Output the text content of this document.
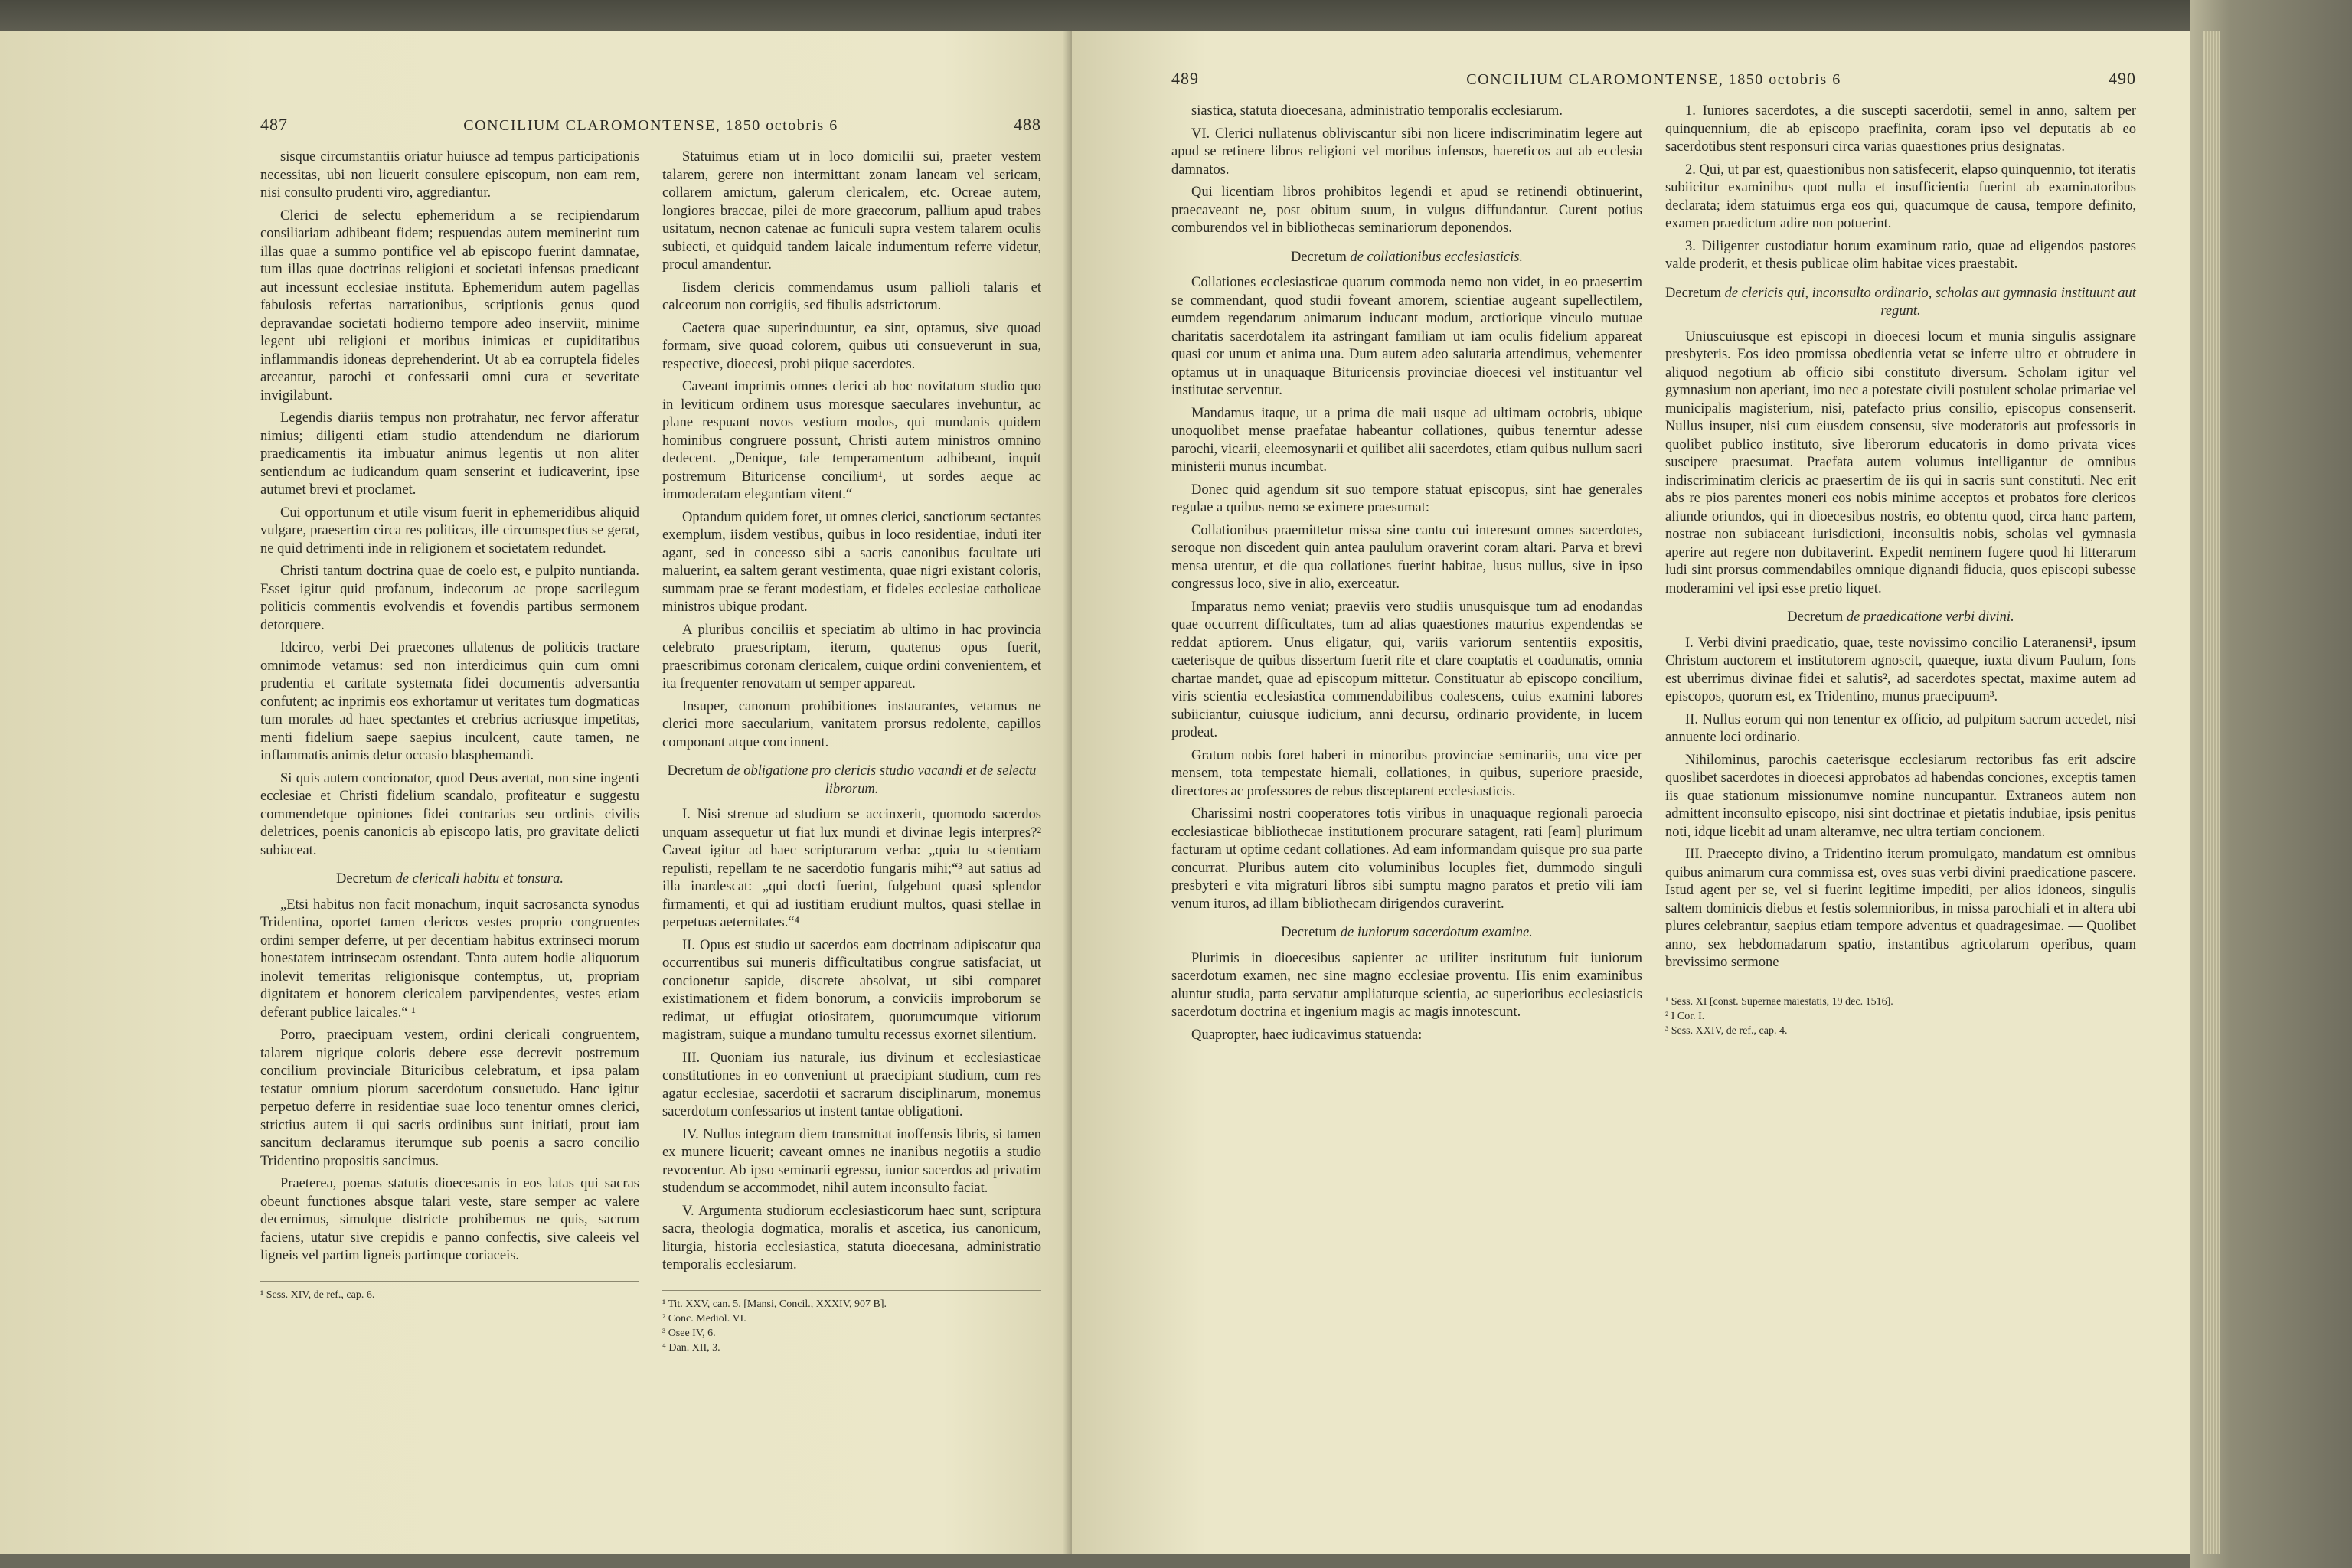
487	CONCILIUM CLAROMONTENSE, 1850 octobris 6	488

sisque circumstantiis oriatur huiusce ad tempus participationis necessitas, ubi non licuerit consulere episcopum, non eam rem, nisi consulto prudenti viro, aggrediantur.

Clerici de selectu ephemeridum a se recipiendarum consiliariam adhibeant fidem; respuendas autem meminerint tum illas quae a summo pontifice vel ab episcopo fuerint damnatae, tum illas quae doctrinas religioni et societati infensas praedicant aut incessunt ecclesiae instituta. Ephemeridum autem pagellas fabulosis refertas narrationibus, scriptionis genus quod depravandae societati hodierno tempore adeo inserviit, minime legent ubi religioni et moribus inimicas et cupiditatibus inflammandis idoneas deprehenderint. Ut ab ea corruptela fideles arceantur, parochi et confessarii omni cura et severitate invigilabunt.

Legendis diariis tempus non protrahatur, nec fervor afferatur nimius; diligenti etiam studio attendendum ne diariorum praedicamentis ita imbuatur animus legentis ut non aliter sentiendum ac iudicandum quam senserint et iudicaverint, ipse autumet brevi et proclamet.

Cui opportunum et utile visum fuerit in ephemeridibus aliquid vulgare, praesertim circa res politicas, ille circumspectius se gerat, ne quid detrimenti inde in religionem et societatem redundet.

Christi tantum doctrina quae de coelo est, e pulpito nuntianda. Esset igitur quid profanum, indecorum ac prope sacrilegum politicis commentis evolvendis et fovendis partibus sermonem detorquere.

Idcirco, verbi Dei praecones ullatenus de politicis tractare omnimode vetamus: sed non interdicimus quin cum omni prudentia et caritate systemata fidei documentis adversantia confutent; ac inprimis eos exhortamur ut veritates tum dogmaticas tum morales ad haec spectantes et crebrius acriusque impetitas, menti fidelium saepe saepius inculcent, caute tamen, ne inflammatis animis detur occasio blasphemandi.

Si quis autem concionator, quod Deus avertat, non sine ingenti ecclesiae et Christi fidelium scandalo, profiteatur e suggestu commendetque opiniones fidei contrarias seu ordinis civilis deletrices, poenis canonicis ab episcopo latis, pro gravitate delicti subiaceat.

Decretum de clericali habitu et tonsura.

„Etsi habitus non facit monachum, inquit sacrosancta synodus Tridentina, oportet tamen clericos vestes proprio congruentes ordini semper deferre, ut per decentiam habitus extrinseci morum honestatem intrinsecam ostendant. Tanta autem hodie aliquorum inolevit temeritas religionisque contemptus, ut, propriam dignitatem et honorem clericalem parvipendentes, vestes etiam deferant publice laicales.“ ¹

Porro, praecipuam vestem, ordini clericali congruentem, talarem nigrique coloris debere esse decrevit postremum concilium provinciale Bituricibus celebratum, et ipsa palam testatur omnium piorum sacerdotum consuetudo. Hanc igitur perpetuo deferre in residentiae suae loco tenentur omnes clerici, strictius autem ii qui sacris ordinibus sunt initiati, prout iam sancitum declaramus iterumque sub poenis a sacro concilio Tridentino propositis sancimus.

Praeterea, poenas statutis dioecesanis in eos latas qui sacras obeunt functiones absque talari veste, stare semper ac valere decernimus, simulque districte prohibemus ne quis, sacrum faciens, utatur sive crepidis e panno confectis, sive caleeis vel ligneis vel partim ligneis partimque coriaceis.

¹ Sess. XIV, de ref., cap. 6.

Statuimus etiam ut in loco domicilii sui, praeter vestem talarem, gerere non intermittant zonam laneam vel sericam, collarem amictum, galerum clericalem, etc. Ocreae autem, longiores braccae, pilei de more graecorum, pallium apud trabes usitatum, necnon catenae ac funiculi supra vestem talarem oculis subiecti, et quidquid tandem laicale indumentum referre videtur, procul amandentur.

Iisdem clericis commendamus usum pallioli talaris et calceorum non corrigiis, sed fibulis adstrictorum.

Caetera quae superinduuntur, ea sint, optamus, sive quoad formam, sive quoad colorem, quibus uti consueverunt in sua, respective, dioecesi, probi piique sacerdotes.

Caveant imprimis omnes clerici ab hoc novitatum studio quo in leviticum ordinem usus moresque saeculares invehuntur, ac plane respuant novos vestium modos, qui mundanis quidem hominibus congruere possunt, Christi autem ministros omnino dedecent. „Denique, tale temperamentum adhibeant, inquit postremum Bituricense concilium¹, ut sordes aeque ac immoderatam elegantiam vitent.“

Optandum quidem foret, ut omnes clerici, sanctiorum sectantes exemplum, iisdem vestibus, quibus in loco residentiae, induti iter agant, sed in concesso sibi a sacris canonibus facultate uti maluerint, ea saltem gerant vestimenta, quae nigri existant coloris, summam prae se ferant modestiam, et fideles ecclesiae catholicae ministros ubique prodant.

A pluribus conciliis et speciatim ab ultimo in hac provincia celebrato praescriptam, iterum, quatenus opus fuerit, praescribimus coronam clericalem, cuique ordini convenientem, et ita frequenter renovatam ut semper appareat.

Insuper, canonum prohibitiones instaurantes, vetamus ne clerici more saecularium, vanitatem prorsus redolente, capillos componant atque concinnent.

Decretum de obligatione pro clericis studio vacandi et de selectu librorum.

I. Nisi strenue ad studium se accinxerit, quomodo sacerdos unquam assequetur ut fiat lux mundi et divinae legis interpres?² Caveat igitur ad haec scripturarum verba: „quia tu scientiam repulisti, repellam te ne sacerdotio fungaris mihi;“³ aut satius ad illa inardescat: „qui docti fuerint, fulgebunt quasi splendor firmamenti, et qui ad iustitiam erudiunt multos, quasi stellae in perpetuas aeternitates.“⁴

II. Opus est studio ut sacerdos eam doctrinam adipiscatur qua occurrentibus sui muneris difficultatibus congrue satisfaciat, ut concionetur sapide, discrete absolvat, ut sibi comparet existimationem et fidem bonorum, a conviciis improborum se redimat, ut effugiat otiositatem, quorumcumque vitiorum magistram, suique a mundano tumultu recessus exornet silentium.

III. Quoniam ius naturale, ius divinum et ecclesiasticae constitutiones in eo conveniunt ut praecipiant studium, cum res agatur ecclesiae, sacerdotii et sacrarum disciplinarum, monemus sacerdotum confessarios ut instent tantae obligationi.

IV. Nullus integram diem transmittat inoffensis libris, si tamen ex munere licuerit; caveant omnes ne inanibus negotiis a studio revocentur. Ab ipso seminarii egressu, iunior sacerdos ad privatim studendum se accommodet, nihil autem inconsulto faciat.

V. Argumenta studiorum ecclesiasticorum haec sunt, scriptura sacra, theologia dogmatica, moralis et ascetica, ius canonicum, liturgia, historia ecclesiastica, statuta dioecesana, administratio temporalis ecclesiarum.

¹ Tit. XXV, can. 5. [Mansi, Concil., XXXIV, 907 B].
² Conc. Mediol. VI.
³ Osee IV, 6.
⁴ Dan. XII, 3.
489	CONCILIUM CLAROMONTENSE, 1850 octobris 6	490

siastica, statuta dioecesana, administratio temporalis ecclesiarum.

VI. Clerici nullatenus obliviscantur sibi non licere indiscriminatim legere aut apud se retinere libros religioni vel moribus infensos, haereticos aut ab ecclesia damnatos.

Qui licentiam libros prohibitos legendi et apud se retinendi obtinuerint, praecaveant ne, post obitum suum, in vulgus diffundantur. Curent potius comburendos vel in bibliothecas seminariorum deponendos.

Decretum de collationibus ecclesiasticis.

Collationes ecclesiasticae quarum commoda nemo non videt, in eo praesertim se commendant, quod studii foveant amorem, scientiae augeant supellectilem, eumdem regendarum animarum inducant modum, arctiorique vinculo mutuae charitatis sacerdotalem ita astringant familiam ut iam oculis fidelium appareat quasi cor unum et anima una. Dum autem adeo salutaria attendimus, vehementer optamus ut in unaquaque Bituricensis provinciae dioecesi vel instituantur vel institutae serventur.

Mandamus itaque, ut a prima die maii usque ad ultimam octobris, ubique unoquolibet mense praefatae habeantur collationes, quibus tenerntur adesse parochi, vicarii, eleemosynarii et quilibet alii sacerdotes, etiam quibus nullum sacri ministerii munus incumbat.

Donec quid agendum sit suo tempore statuat episcopus, sint hae generales regulae a quibus nemo se eximere praesumat:

Collationibus praemittetur missa sine cantu cui interesunt omnes sacerdotes, seroque non discedent quin antea paululum oraverint coram altari. Parva et brevi mensa utentur, et die qua collationes fuerint habitae, lusus nullus, sive in ipso congressus loco, sive in alio, exerceatur.

Imparatus nemo veniat; praeviis vero studiis unusquisque tum ad enodandas quae occurrent difficultates, tum ad alias quaestiones maturius expendendas se reddat aptiorem. Unus eligatur, qui, variis variorum sententiis expositis, caeterisque de quibus dissertum fuerit rite et clare coaptatis et coadunatis, omnia chartae mandet, quae ad episcopum mittetur. Constituatur ab episcopo concilium, viris scientia ecclesiastica commendabilibus coalescens, cuius examini labores subiiciantur, cuiusque iudicium, anni decursu, ordinario providente, in lucem prodeat.

Gratum nobis foret haberi in minoribus provinciae seminariis, una vice per mensem, tota tempestate hiemali, collationes, in quibus, superiore praeside, directores ac professores de rebus disceptarent ecclesiasticis.

Charissimi nostri cooperatores totis viribus in unaquaque regionali paroecia ecclesiasticae bibliothecae institutionem procurare satagent, rati [eam] plurimum facturam ut optime cedant collationes. Ad eam informandam quisque pro sua parte concurrat. Pluribus autem cito voluminibus locuples fiet, dummodo singuli presbyteri e vita migraturi libros sibi sumptu magno paratos et pretio vili iam venum ituros, ad illam bibliothecam dirigendos curaverint.

Decretum de iuniorum sacerdotum examine.

Plurimis in dioecesibus sapienter ac utiliter institutum fuit iuniorum sacerdotum examen, nec sine magno ecclesiae proventu. His enim examinibus aluntur studia, parta servatur ampliaturque scientia, ac superioribus ecclesiasticis sacerdotum doctrina et ingenium magis ac magis innotescunt.

Quapropter, haec iudicavimus statuenda:

1. Iuniores sacerdotes, a die suscepti sacerdotii, semel in anno, saltem per quinquennium, die ab episcopo praefinita, coram ipso vel deputatis ab eo sacerdotibus stent responsuri circa varias quaestiones prius designatas.

2. Qui, ut par est, quaestionibus non satisfecerit, elapso quinquennio, tot iteratis subiicitur examinibus quot nulla et insufficientia fuerint ab examinatoribus declarata; idem statuimus erga eos qui, quacumque de causa, tempore definito, examen praedictum adire non potuerint.

3. Diligenter custodiatur horum examinum ratio, quae ad eligendos pastores valde proderit, et thesis publicae olim habitae vices praestabit.

Decretum de clericis qui, inconsulto ordinario, scholas aut gymnasia instituunt aut regunt.

Uniuscuiusque est episcopi in dioecesi locum et munia singulis assignare presbyteris. Eos ideo promissa obedientia vetat se inferre ultro et obtrudere in aliquod negotium ab officio sibi constituto diversum. Scholam igitur vel gymnasium non aperiant, imo nec a potestate civili postulent scholae primariae vel municipalis magisterium, nisi, patefacto prius consilio, episcopus consenserit. Nullus insuper, nisi cum eiusdem consensu, sive moderatoris aut professoris in quolibet publico instituto, sive liberorum educatoris in domo privata vices suscipere praesumat. Praefata autem volumus intelligantur de omnibus indiscriminatim clericis ac praesertim de iis qui in sacris sunt constituti. Nec erit abs re pios parentes moneri eos nobis minime acceptos et probatos fore clericos aliunde oriundos, qui in dioecesibus nostris, eo obtentu quod, circa hanc partem, nostrae non subiaceant iurisdictioni, inconsultis nobis, scholas vel gymnasia aperire aut regere non dubitaverint. Expedit neminem fugere quod hi litterarum ludi sint prorsus commendabiles omnique dignandi fiducia, quos episcopi subesse moderamini vel ipsi esse pretio liquet.

Decretum de praedicatione verbi divini.

I. Verbi divini praedicatio, quae, teste novissimo concilio Lateranensi¹, ipsum Christum auctorem et institutorem agnoscit, quaeque, iuxta divum Paulum, fons est uberrimus divinae fidei et salutis², ad sacerdotes spectat, maxime autem ad episcopos, quorum est, ex Tridentino, munus praecipuum³.

II. Nullus eorum qui non tenentur ex officio, ad pulpitum sacrum accedet, nisi annuente loci ordinario.

Nihilominus, parochis caeterisque ecclesiarum rectoribus fas erit adscire quoslibet sacerdotes in dioecesi approbatos ad habendas conciones, exceptis tamen iis quae stationum missionumve nomine nuncupantur. Extraneos autem non admittent inconsulto episcopo, nisi sint doctrinae et pietatis indubiae, ipsis penitus noti, idque licebit ad unam alteramve, nec ultra tertiam concionem.

III. Praecepto divino, a Tridentino iterum promulgato, mandatum est omnibus quibus animarum cura commissa est, oves suas verbi divini praedicatione pascere. Istud agent per se, vel si fuerint legitime impediti, per alios idoneos, singulis saltem dominicis diebus et festis solemnioribus, in missa parochiali et in altera ubi plures celebrantur, saepius etiam tempore adventus et quadragesimae. — Quolibet anno, sex hebdomadarum spatio, instantibus agricolarum operibus, quam brevissimo sermone

¹ Sess. XI [const. Supernae maiestatis, 19 dec. 1516].
² I Cor. I.
³ Sess. XXIV, de ref., cap. 4.
